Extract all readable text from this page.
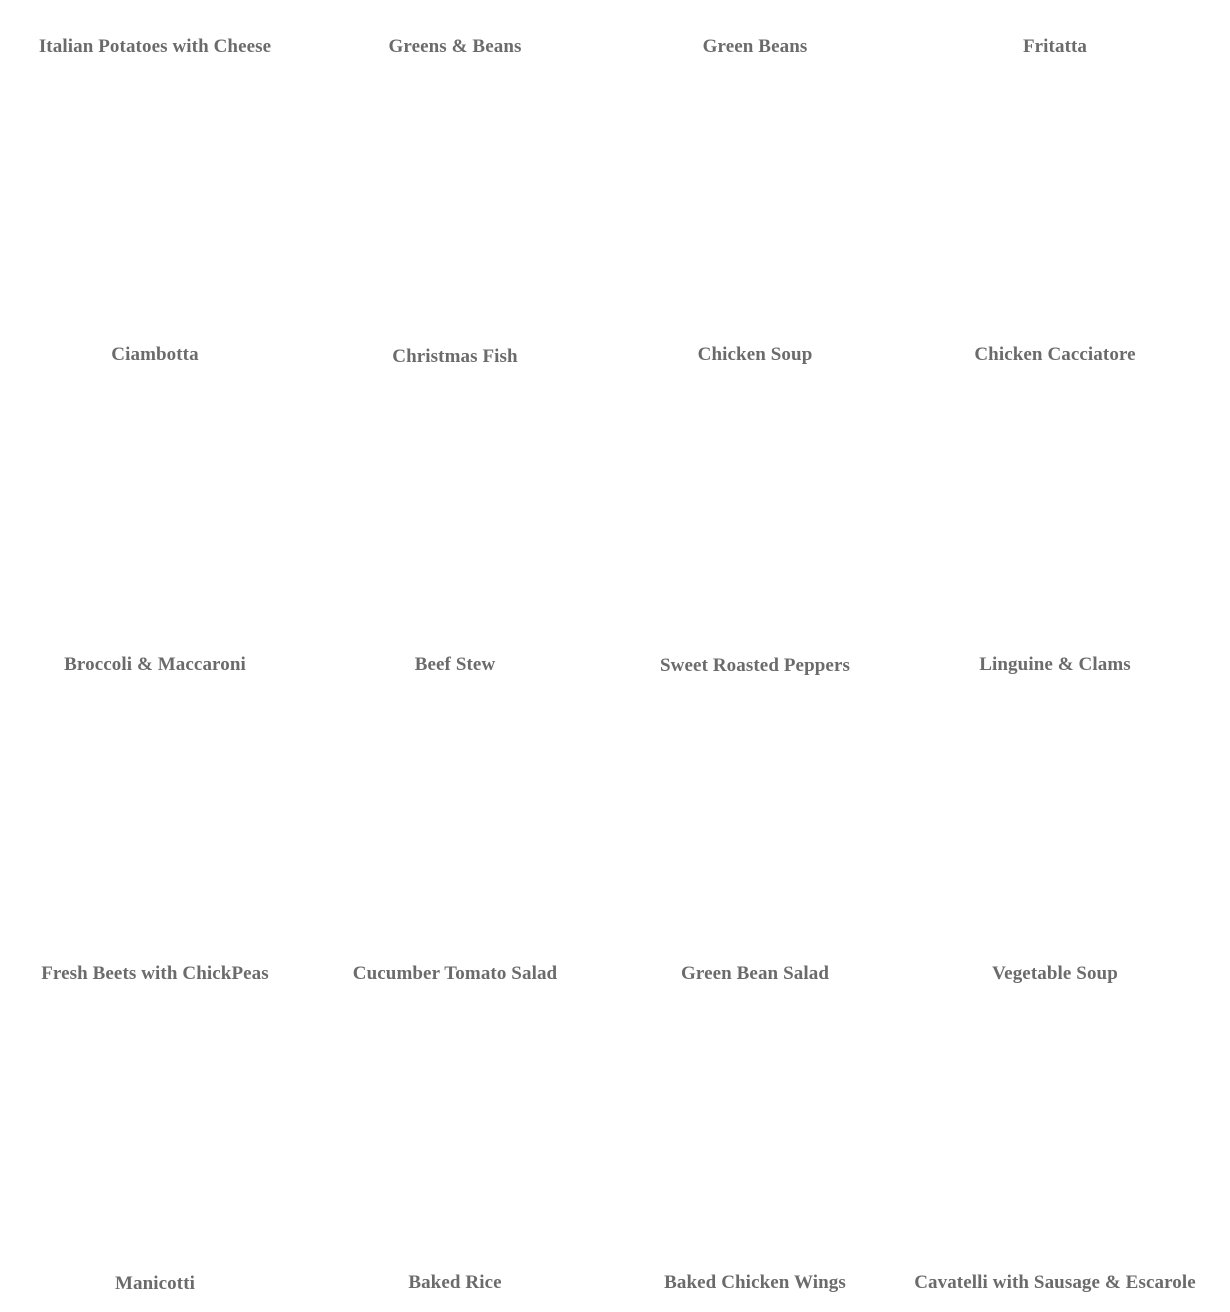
Italian Potatoes with Cheese	Greens & Beans	Green Beans	Fritatta
Ciambotta	Christmas Fish	Chicken Soup	Chicken Cacciatore
Broccoli & Maccaroni	Beef Stew	Sweet Roasted Peppers	Linguine & Clams
Fresh Beets with ChickPeas	Cucumber Tomato Salad	Green Bean Salad	Vegetable Soup
Manicotti	Baked Rice	Baked Chicken Wings	Cavatelli with Sausage & Escarole
